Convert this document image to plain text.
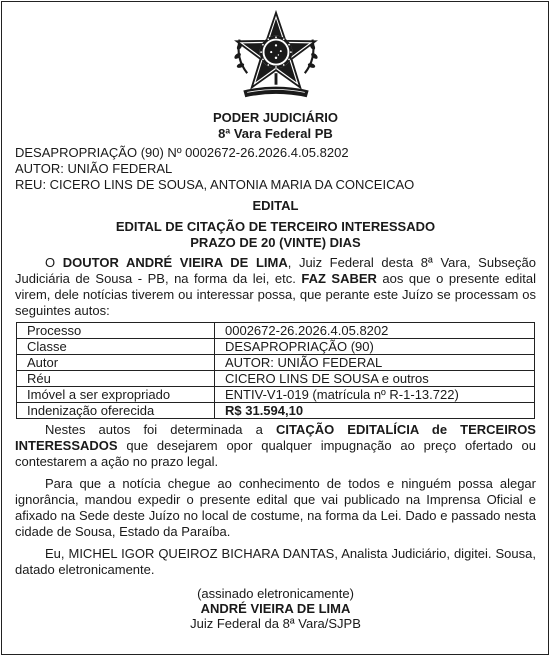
PODER JUDICIÁRIO
8ª Vara Federal PB
DESAPROPRIAÇÃO (90) Nº 0002672-26.2026.4.05.8202
AUTOR: UNIÃO FEDERAL
REU: CICERO LINS DE SOUSA, ANTONIA MARIA DA CONCEICAO
EDITAL
EDITAL DE CITAÇÃO DE TERCEIRO INTERESSADO
PRAZO DE 20 (VINTE) DIAS

O DOUTOR ANDRÉ VIEIRA DE LIMA, Juiz Federal desta 8ª Vara, Subseção Judiciária de Sousa - PB, na forma da lei, etc. FAZ SABER aos que o presente edital virem, dele notícias tiverem ou interessar possa, que perante este Juízo se processam os seguintes autos:

Processo	0002672-26.2026.4.05.8202
Classe	DESAPROPRIAÇÃO (90)
Autor	AUTOR: UNIÃO FEDERAL
Réu	CICERO LINS DE SOUSA e outros
Imóvel a ser expropriado	ENTIV-V1-019 (matrícula nº R-1-13.722)
Indenização oferecida	R$ 31.594,10

Nestes autos foi determinada a CITAÇÃO EDITALÍCIA de TERCEIROS INTERESSADOS que desejarem opor qualquer impugnação ao preço ofertado ou contestarem a ação no prazo legal.

Para que a notícia chegue ao conhecimento de todos e ninguém possa alegar ignorância, mandou expedir o presente edital que vai publicado na Imprensa Oficial e afixado na Sede deste Juízo no local de costume, na forma da Lei. Dado e passado nesta cidade de Sousa, Estado da Paraíba.

Eu, MICHEL IGOR QUEIROZ BICHARA DANTAS, Analista Judiciário, digitei. Sousa, datado eletronicamente.

(assinado eletronicamente)
ANDRÉ VIEIRA DE LIMA
Juiz Federal da 8ª Vara/SJPB
